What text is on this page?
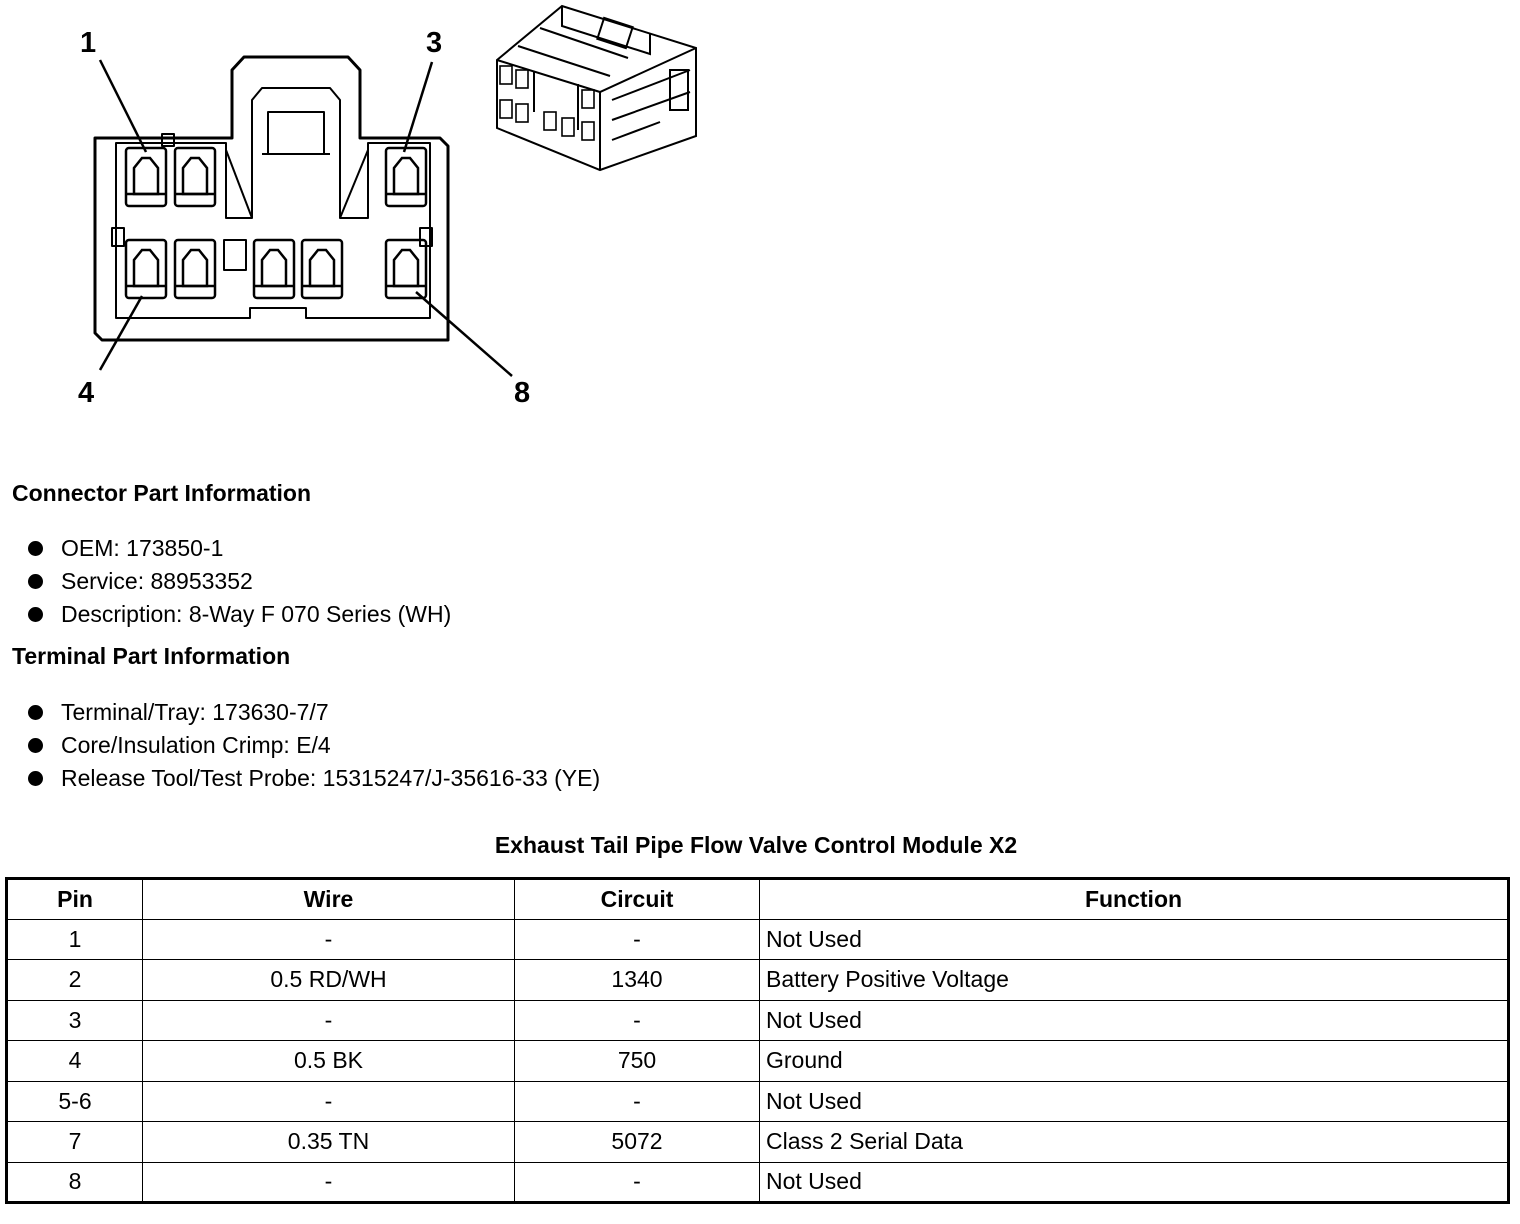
1	3
4	8
Connector Part Information
OEM: 173850-1
Service: 88953352
Description: 8-Way F 070 Series (WH)
Terminal Part Information
Terminal/Tray: 173630-7/7
Core/Insulation Crimp: E/4
Release Tool/Test Probe: 15315247/J-35616-33 (YE)
Exhaust Tail Pipe Flow Valve Control Module X2
Pin	Wire	Circuit	Function
1	-	-	Not Used
2	0.5 RD/WH	1340	Battery Positive Voltage
3	-	-	Not Used
4	0.5 BK	750	Ground
5-6	-	-	Not Used
7	0.35 TN	5072	Class 2 Serial Data
8	-	-	Not Used
